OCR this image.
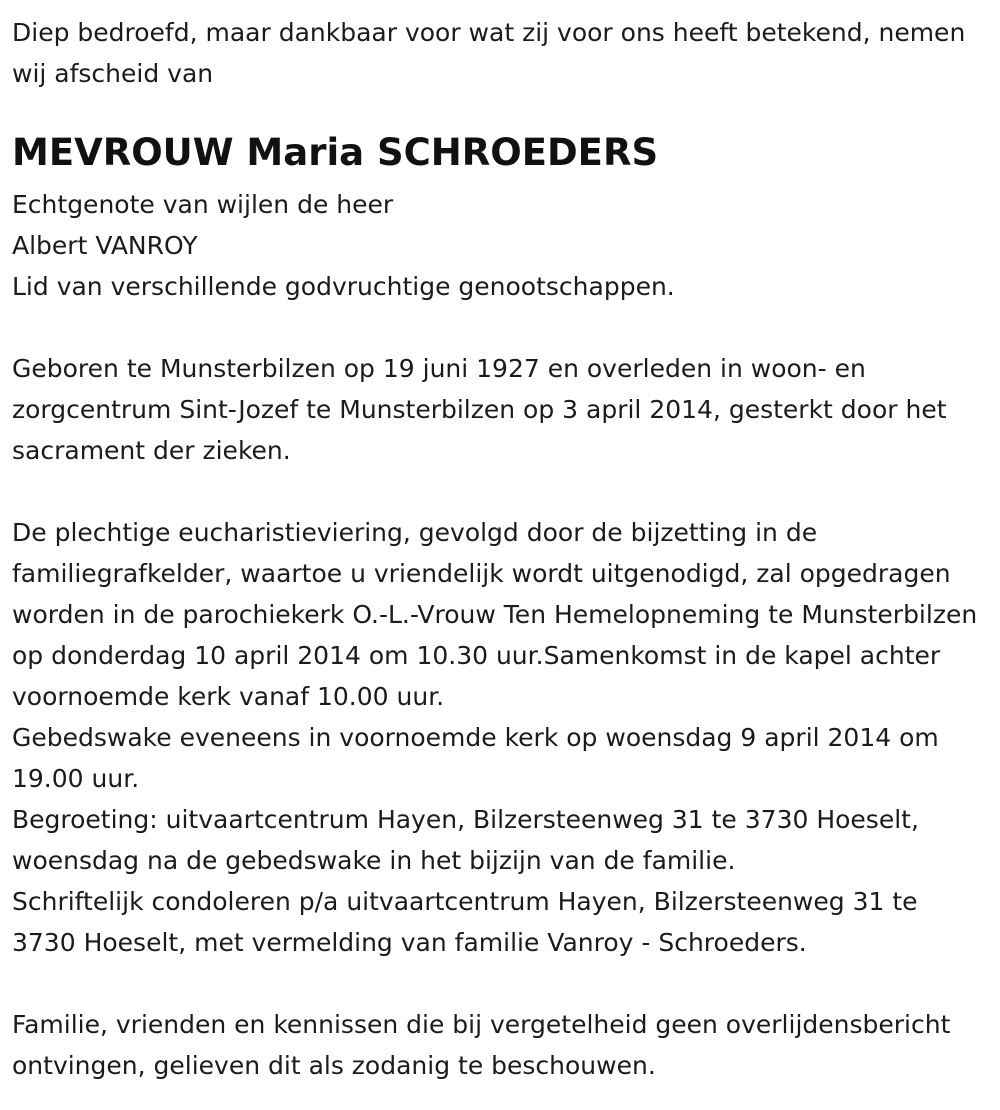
Diep bedroefd, maar dankbaar voor wat zij voor ons heeft betekend, nemen wij afscheid van

MEVROUW Maria SCHROEDERS

Echtgenote van wijlen de heer

Albert VANROY

Lid van verschillende godvruchtige genootschappen.

Geboren te Munsterbilzen op 19 juni 1927 en overleden in woon- en zorgcentrum Sint-Jozef te Munsterbilzen op 3 april 2014, gesterkt door het sacrament der zieken.

De plechtige eucharistieviering, gevolgd door de bijzetting in de familiegrafkelder, waartoe u vriendelijk wordt uitgenodigd, zal opgedragen worden in de parochiekerk O.-L.-Vrouw Ten Hemelopneming te Munsterbilzen op donderdag 10 april 2014 om 10.30 uur.Samenkomst in de kapel achter voornoemde kerk vanaf 10.00 uur.

Gebedswake eveneens in voornoemde kerk op woensdag 9 april 2014 om 19.00 uur.

Begroeting: uitvaartcentrum Hayen, Bilzersteenweg 31 te 3730 Hoeselt, woensdag na de gebedswake in het bijzijn van de familie.

Schriftelijk condoleren p/a uitvaartcentrum Hayen, Bilzersteenweg 31 te 3730 Hoeselt, met vermelding van familie Vanroy - Schroeders.

Familie, vrienden en kennissen die bij vergetelheid geen overlijdensbericht ontvingen, gelieven dit als zodanig te beschouwen.
